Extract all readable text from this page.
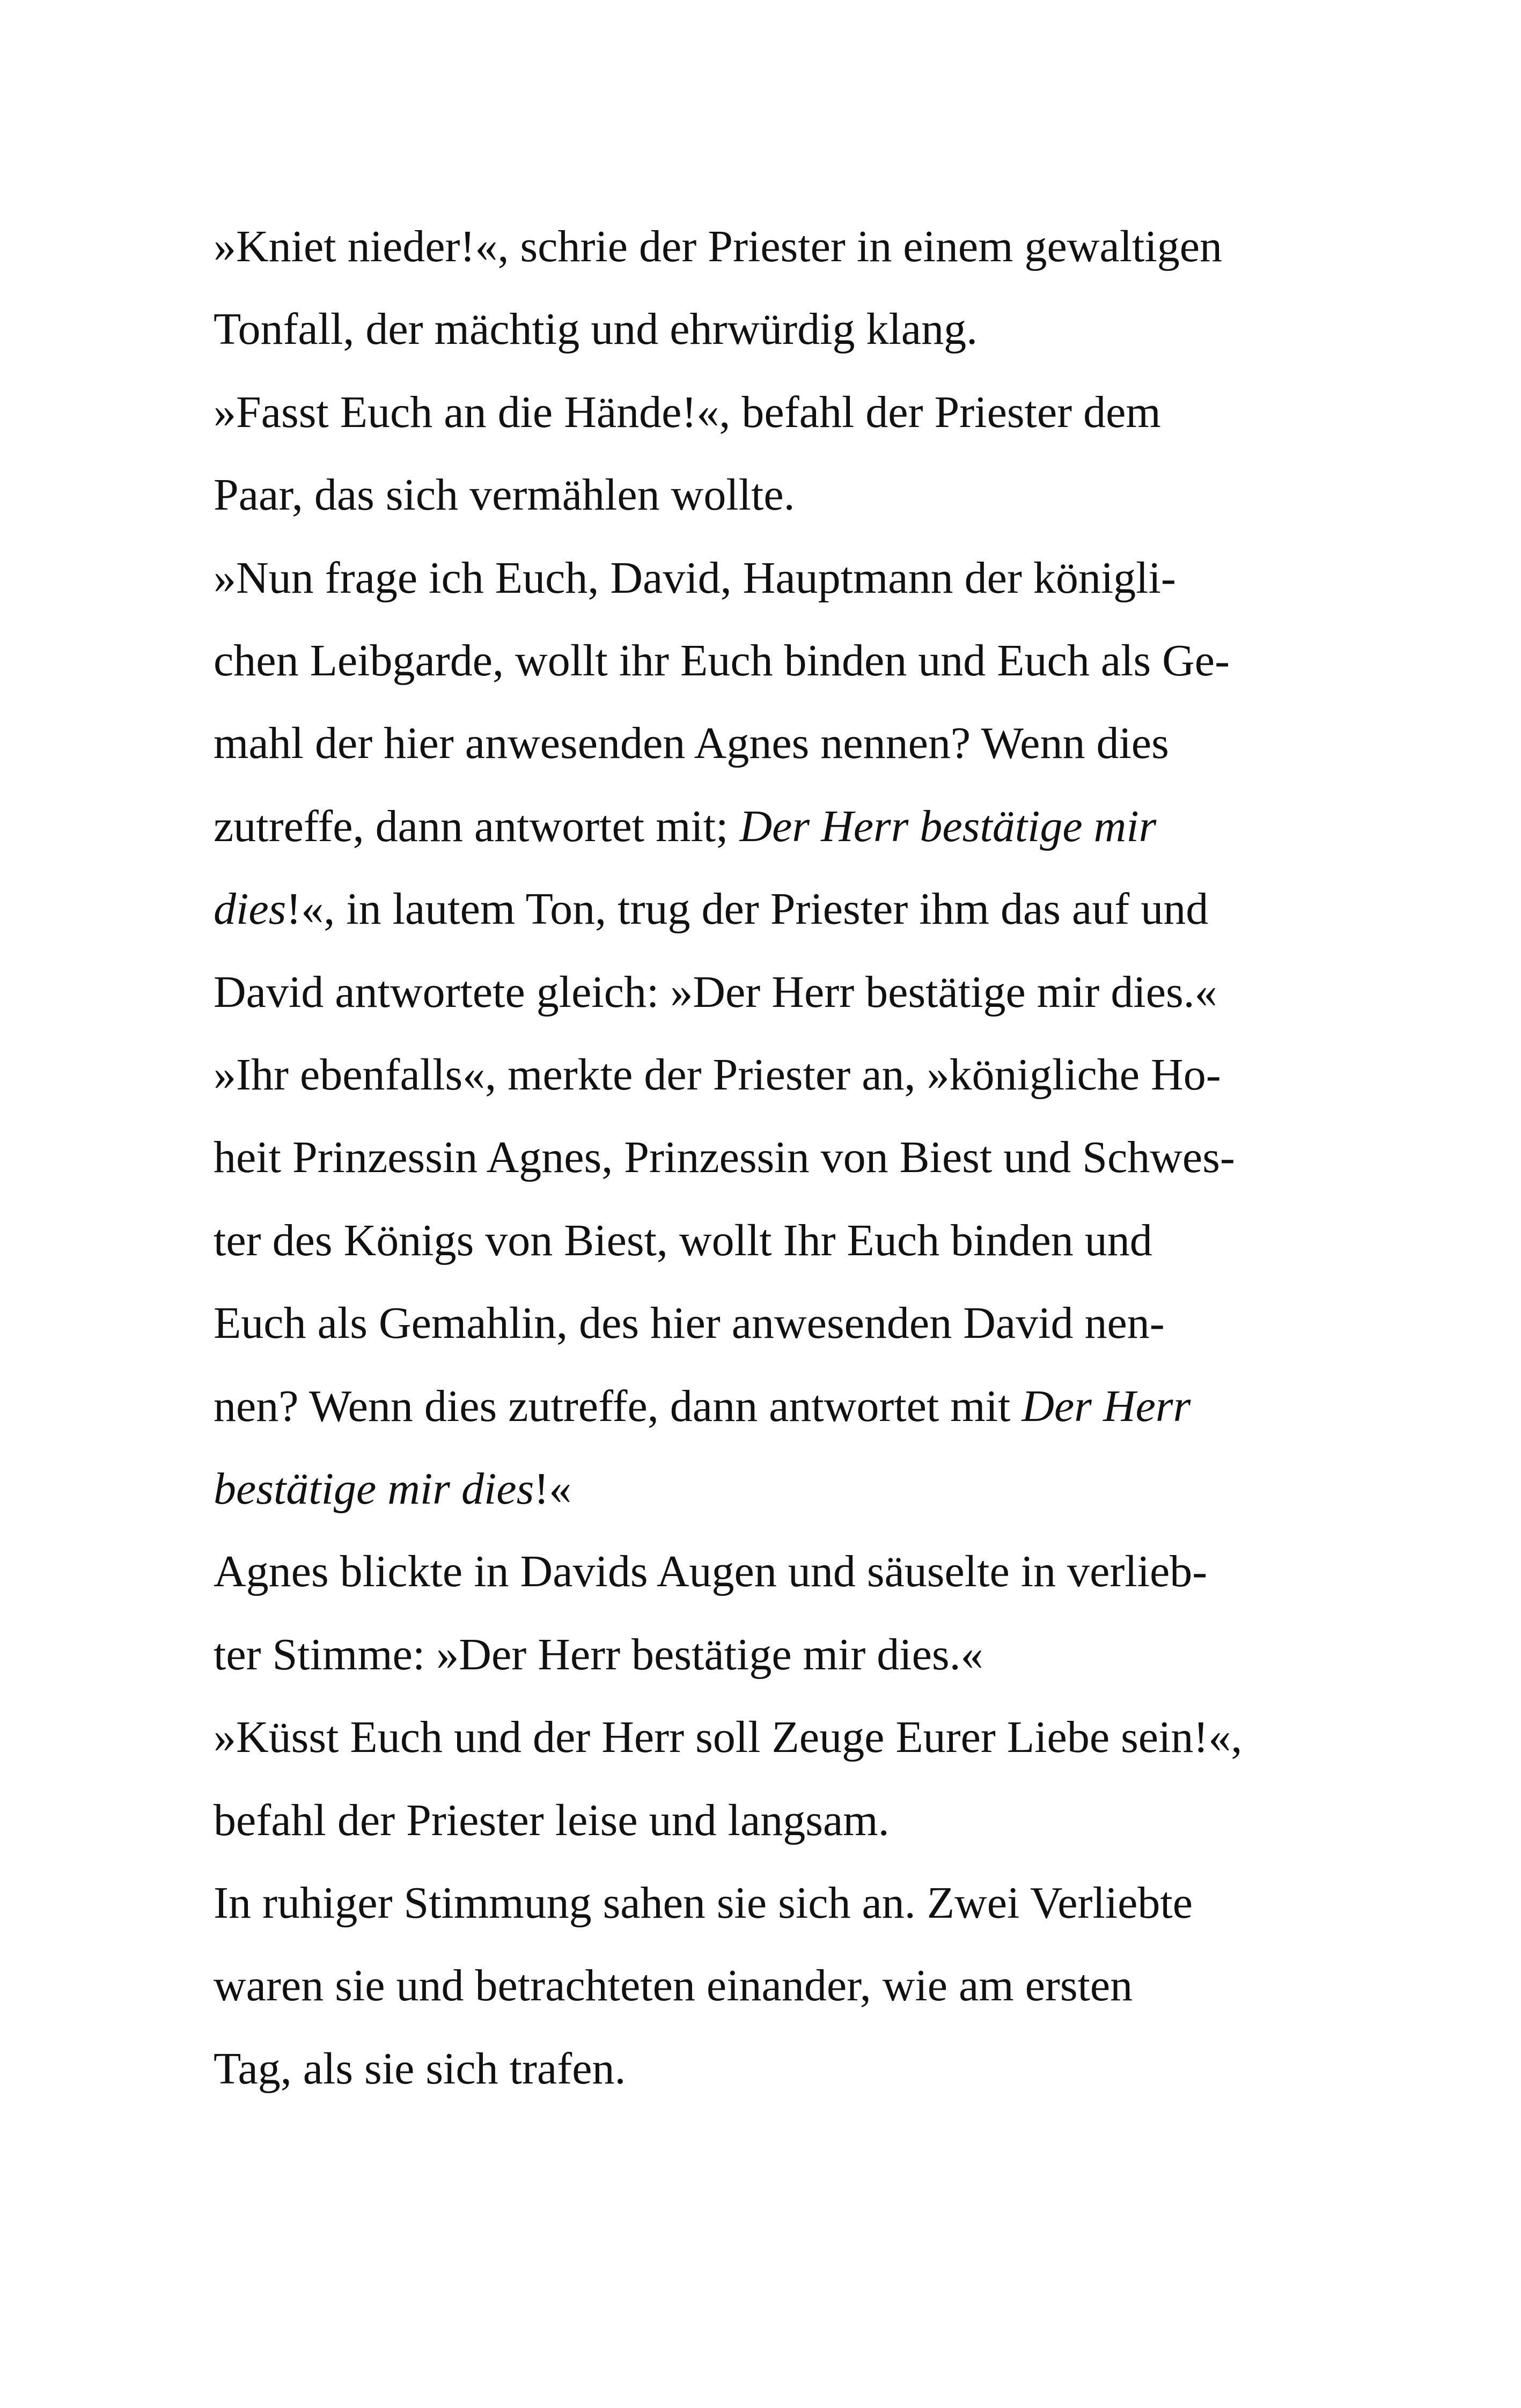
»Kniet nieder!«, schrie der Priester in einem gewaltigen
Tonfall, der mächtig und ehrwürdig klang.
»Fasst Euch an die Hände!«, befahl der Priester dem
Paar, das sich vermählen wollte.
»Nun frage ich Euch, David, Hauptmann der königli-
chen Leibgarde, wollt ihr Euch binden und Euch als Ge-
mahl der hier anwesenden Agnes nennen? Wenn dies
zutreffe, dann antwortet mit; Der Herr bestätige mir
dies!«, in lautem Ton, trug der Priester ihm das auf und
David antwortete gleich: »Der Herr bestätige mir dies.«
»Ihr ebenfalls«, merkte der Priester an, »königliche Ho-
heit Prinzessin Agnes, Prinzessin von Biest und Schwes-
ter des Königs von Biest, wollt Ihr Euch binden und
Euch als Gemahlin, des hier anwesenden David nen-
nen? Wenn dies zutreffe, dann antwortet mit Der Herr
bestätige mir dies!«
Agnes blickte in Davids Augen und säuselte in verlieb-
ter Stimme: »Der Herr bestätige mir dies.«
»Küsst Euch und der Herr soll Zeuge Eurer Liebe sein!«,
befahl der Priester leise und langsam.
In ruhiger Stimmung sahen sie sich an. Zwei Verliebte
waren sie und betrachteten einander, wie am ersten
Tag, als sie sich trafen.
